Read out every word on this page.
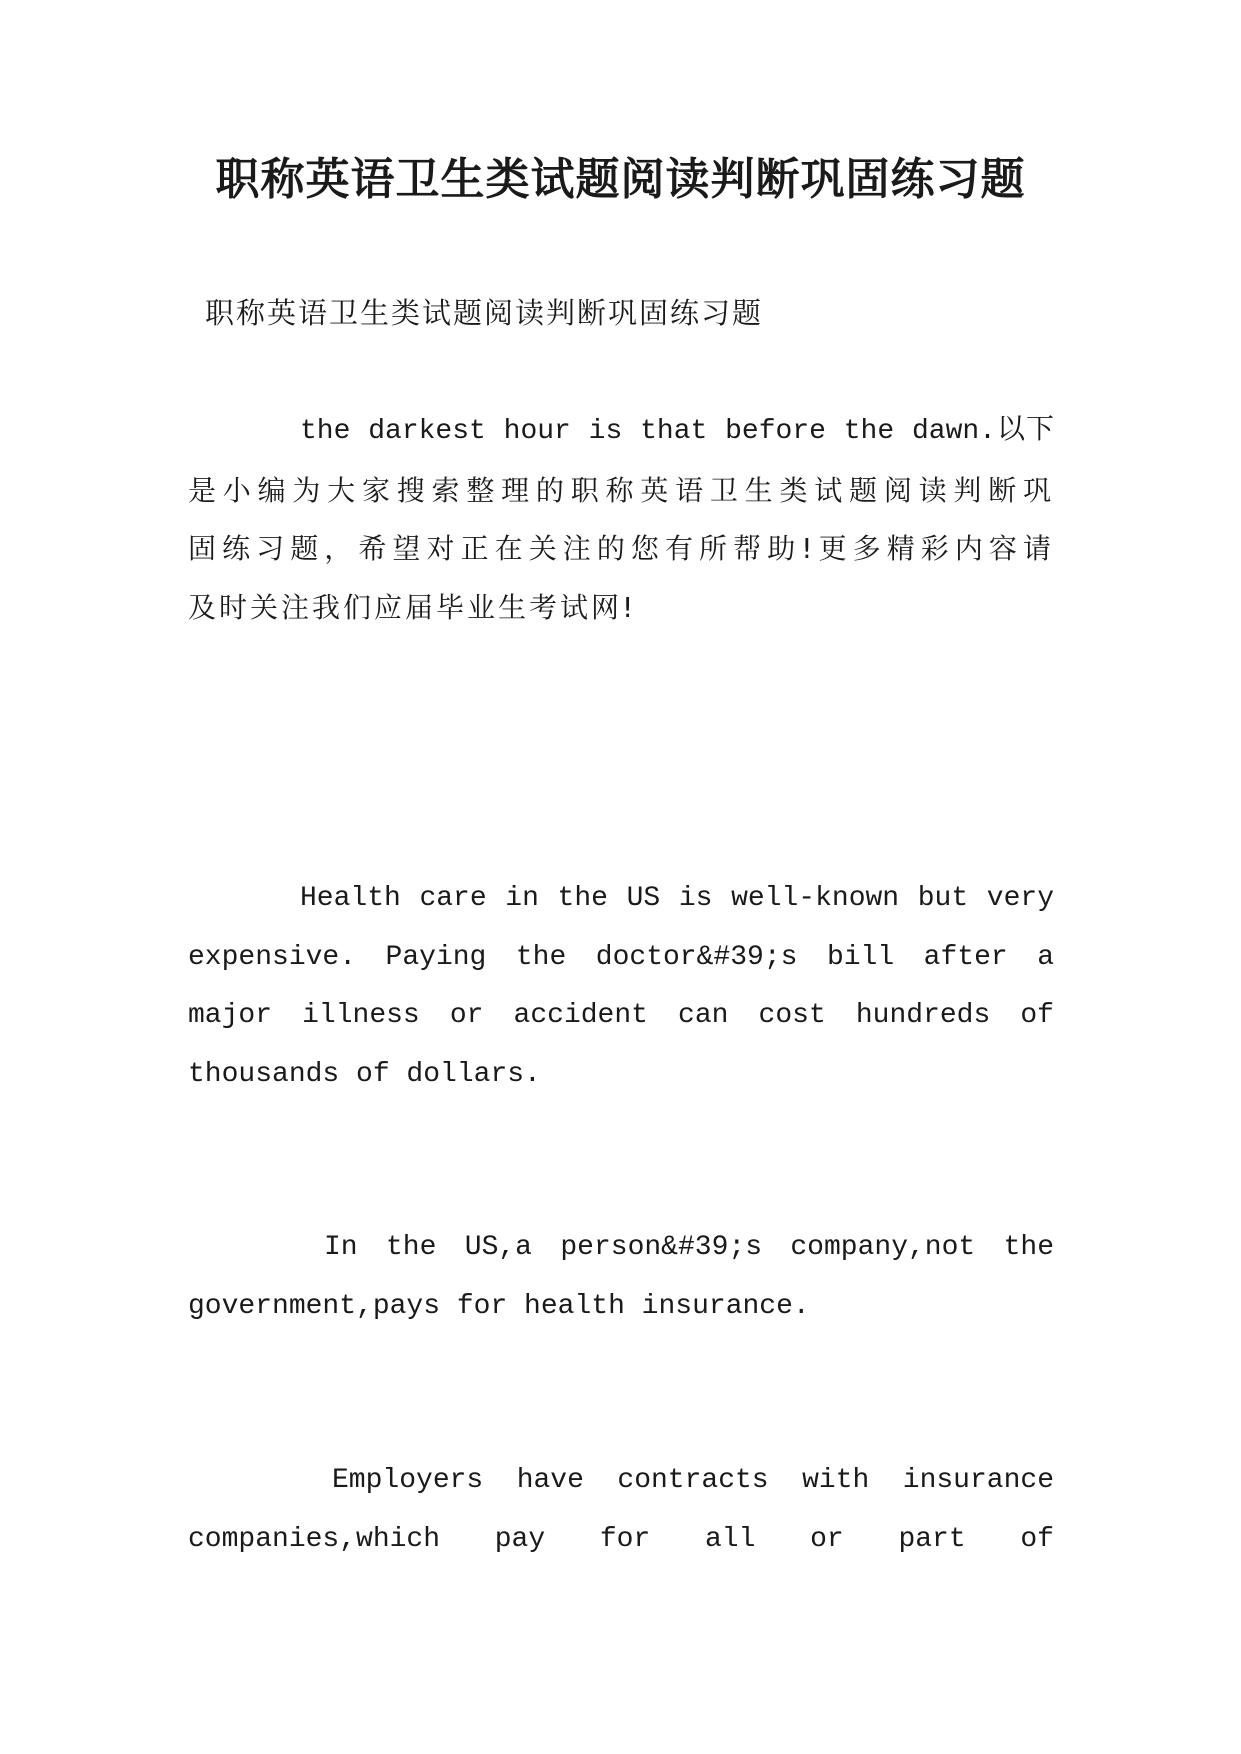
职称英语卫生类试题阅读判断巩固练习题
职称英语卫生类试题阅读判断巩固练习题
the darkest hour is that before the dawn.以下
是小编为大家搜索整理的职称英语卫生类试题阅读判断巩
固练习题，希望对正在关注的您有所帮助!更多精彩内容请
及时关注我们应届毕业生考试网!
Health care in the US is well-known but very
expensive. Paying the doctor&#39;s bill after a
major illness or accident can cost hundreds of
thousands of dollars.
In the US,a person&#39;s company,not the
government,pays for health insurance.
Employers have contracts with insurance
companies,which pay for all or part of
